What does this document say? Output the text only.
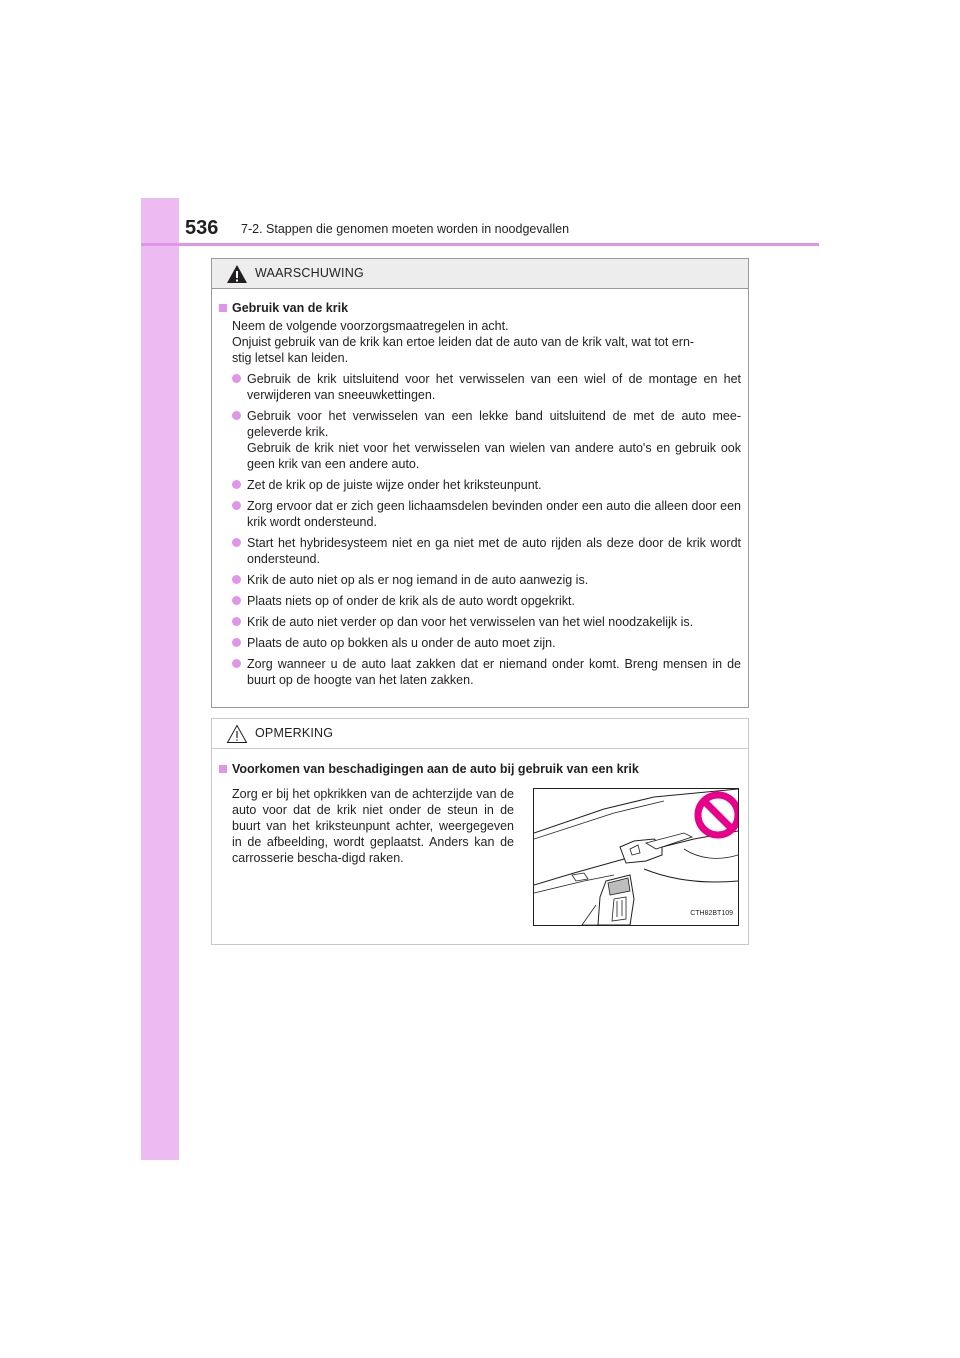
536 7-2. Stappen die genomen moeten worden in noodgevallen
WAARSCHUWING
Gebruik van de krik
Neem de volgende voorzorgsmaatregelen in acht.
Onjuist gebruik van de krik kan ertoe leiden dat de auto van de krik valt, wat tot ern-
stig letsel kan leiden.
Gebruik de krik uitsluitend voor het verwisselen van een wiel of de montage en het verwijderen van sneeuwkettingen.
Gebruik voor het verwisselen van een lekke band uitsluitend de met de auto mee-geleverde krik.
Gebruik de krik niet voor het verwisselen van wielen van andere auto's en gebruik ook geen krik van een andere auto.
Zet de krik op de juiste wijze onder het kriksteunpunt.
Zorg ervoor dat er zich geen lichaamsdelen bevinden onder een auto die alleen door een krik wordt ondersteund.
Start het hybridesysteem niet en ga niet met de auto rijden als deze door de krik wordt ondersteund.
Krik de auto niet op als er nog iemand in de auto aanwezig is.
Plaats niets op of onder de krik als de auto wordt opgekrikt.
Krik de auto niet verder op dan voor het verwisselen van het wiel noodzakelijk is.
Plaats de auto op bokken als u onder de auto moet zijn.
Zorg wanneer u de auto laat zakken dat er niemand onder komt. Breng mensen in de buurt op de hoogte van het laten zakken.
OPMERKING
Voorkomen van beschadigingen aan de auto bij gebruik van een krik
Zorg er bij het opkrikken van de achterzijde van de auto voor dat de krik niet onder de steun in de buurt van het kriksteunpunt achter, weergegeven in de afbeelding, wordt geplaatst. Anders kan de carrosserie bescha-digd raken.
CTH82BT109
